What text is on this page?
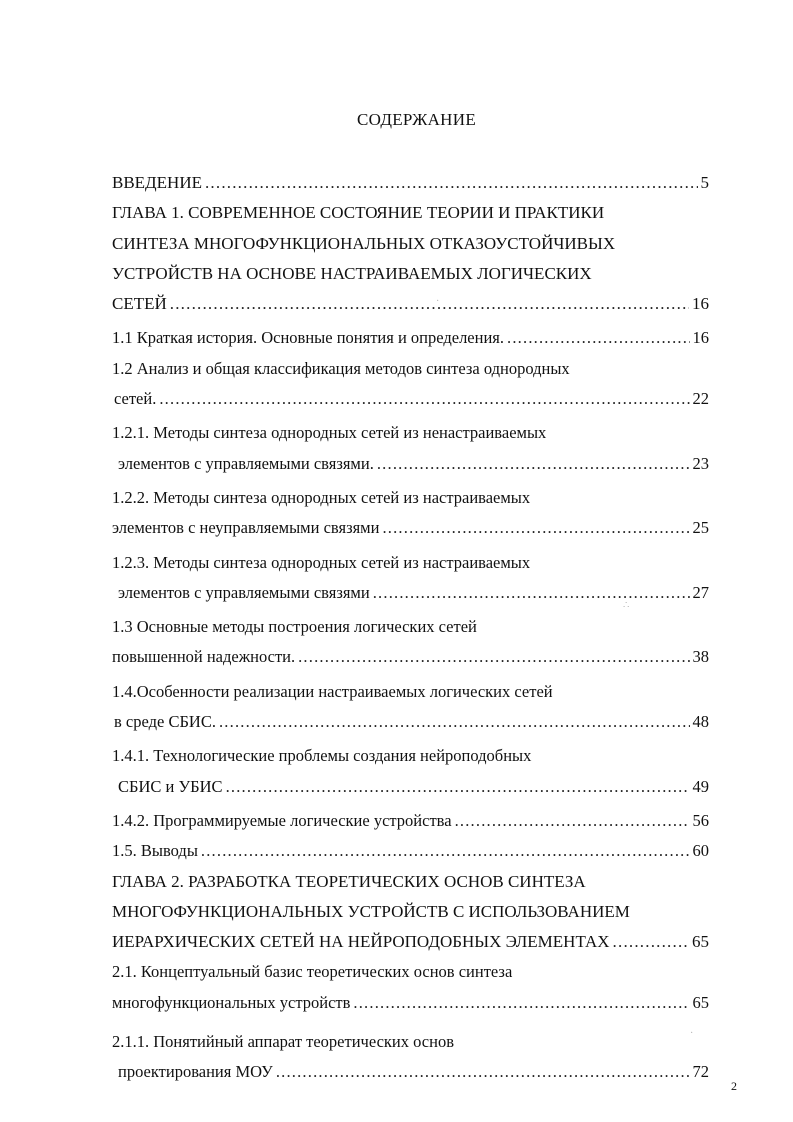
СОДЕРЖАНИЕ
ВВЕДЕНИЕ .....	5
ГЛАВА 1. СОВРЕМЕННОЕ СОСТОЯНИЕ ТЕОРИИ И ПРАКТИКИ
СИНТЕЗА МНОГОФУНКЦИОНАЛЬНЫХ ОТКАЗОУСТОЙЧИВЫХ
УСТРОЙСТВ НА ОСНОВЕ НАСТРАИВАЕМЫХ ЛОГИЧЕСКИХ
СЕТЕЙ .....	16
1.1 Краткая история. Основные понятия и определения. .....	16
1.2 Анализ и общая классификация методов синтеза однородных
сетей. .....	22
1.2.1. Методы синтеза однородных сетей из ненастраиваемых
элементов с управляемыми связями. .....	23
1.2.2. Методы синтеза однородных сетей из настраиваемых
элементов с неуправляемыми связями .....	25
1.2.3. Методы синтеза однородных сетей из настраиваемых
элементов с управляемыми связями .....	27
1.3 Основные методы построения логических сетей
повышенной надежности. .....	38
1.4.Особенности реализации настраиваемых логических сетей
в среде СБИС. .....	48
1.4.1. Технологические проблемы создания нейроподобных
СБИС и УБИС .....	49
1.4.2. Программируемые логические устройства .....	56
1.5. Выводы .....	60
ГЛАВА 2. РАЗРАБОТКА ТЕОРЕТИЧЕСКИХ ОСНОВ СИНТЕЗА
МНОГОФУНКЦИОНАЛЬНЫХ УСТРОЙСТВ С ИСПОЛЬЗОВАНИЕМ
ИЕРАРХИЧЕСКИХ СЕТЕЙ НА НЕЙРОПОДОБНЫХ ЭЛЕМЕНТАХ .....	65
2.1. Концептуальный базис теоретических основ синтеза
многофункциональных устройств .....	65
2.1.1. Понятийный аппарат теоретических основ
проектирования МОУ .....	72
·
∴
·
2
